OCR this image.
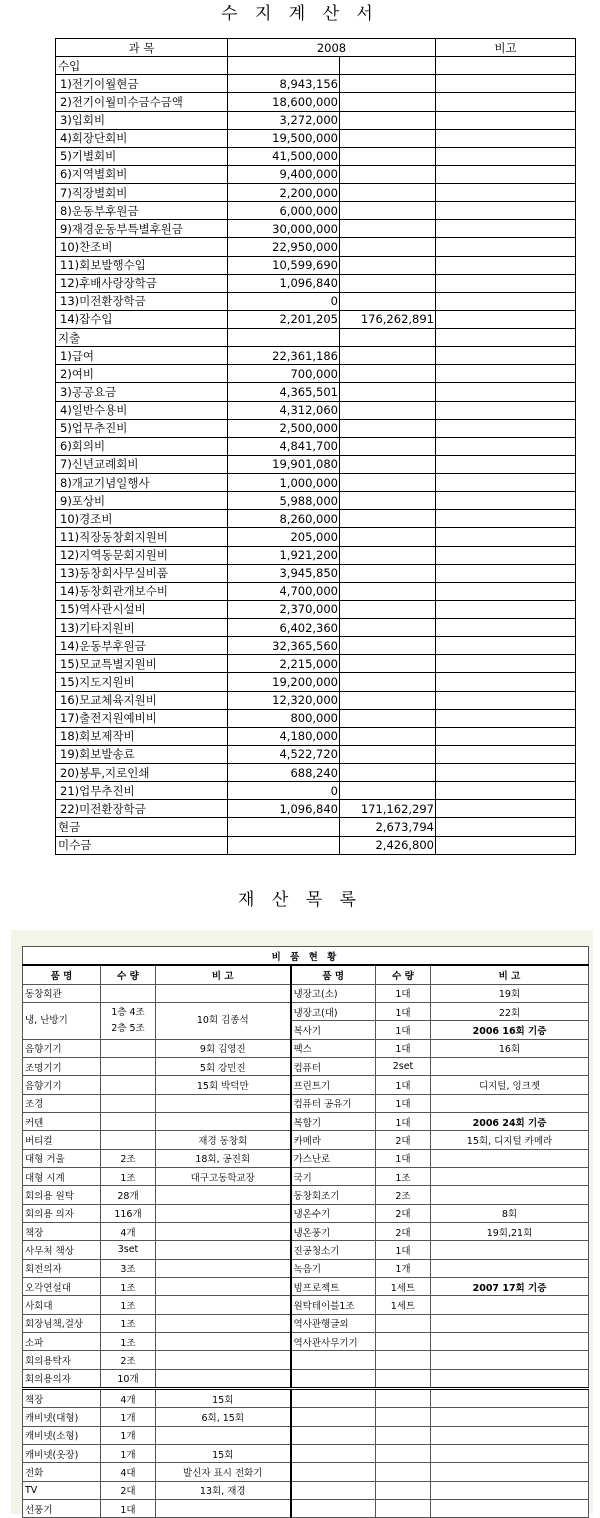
수 지 계 산 서
과 목	2008		비고
수입			
1)전기이월현금	8,943,156		
2)전기이월미수금수금액	18,600,000		
3)입회비	3,272,000		
4)회장단회비	19,500,000		
5)기별회비	41,500,000		
6)지역별회비	9,400,000		
7)직장별회비	2,200,000		
8)운동부후원금	6,000,000		
9)재경운동부특별후원금	30,000,000		
10)찬조비	22,950,000		
11)회보발행수입	10,599,690		
12)후배사랑장학금	1,096,840		
13)미전환장학금	0		
14)잡수입	2,201,205	176,262,891	
지출			
1)급여	22,361,186		
2)여비	700,000		
3)공공요금	4,365,501		
4)일반수용비	4,312,060		
5)업무추진비	2,500,000		
6)회의비	4,841,700		
7)신년교례회비	19,901,080		
8)개교기념일행사	1,000,000		
9)포상비	5,988,000		
10)경조비	8,260,000		
11)직장동창회지원비	205,000		
12)지역동문회지원비	1,921,200		
13)동창회사무실비품	3,945,850		
14)동창회관개보수비	4,700,000		
15)역사관시설비	2,370,000		
13)기타지원비	6,402,360		
14)운동부후원금	32,365,560		
15)모교특별지원비	2,215,000		
15)지도지원비	19,200,000		
16)모교체육지원비	12,320,000		
17)출전지원예비비	800,000		
18)회보제작비	4,180,000		
19)회보발송료	4,522,720		
20)봉투,지로인쇄	688,240		
21)업무추진비	0		
22)미전환장학금	1,096,840	171,162,297	
현금		2,673,794	
미수금		2,426,800	
재 산 목 록
비 품 현 황					
품 명	수 량	비 고	품 명	수 량	비 고
동창회관			냉장고(소)	1대	19회
냉, 난방기	1층 4조
2층 5조	10회 김종석	냉장고(대)	1대	22회
			복사기	1대	2006 16회 기증
음향기기		9회 김영진	팩스	1대	16회
조명기기		5회 강민진	컴퓨터	2set	
음향기기		15회 박덕만	프린트기	1대	디지털, 잉크젯
조경			컴퓨터 공유기	1대	
커텐			복합기	1대	2006 24회 기증
버티컬		재경 동창회	카메라	2대	15회, 디지털 카메라
대형 거울	2조	18회, 공진회	가스난로	1대	
대형 시계	1조	대구고동학교장	국기	1조	
회의용 원탁	28개		동창회조기	2조	
회의용 의자	116개		냉온수기	2대	8회
책장	4개		냉온풍기	2대	19회,21회
사무처 책상	3set		진공청소기	1대	
회전의자	3조		녹음기	1개	
오각연설대	1조		빔프로젝트	1세트	2007 17회 기증
사회대	1조		원탁테이블1조	1세트	
회장님책,걸상	1조		역사관행글외		
소파	1조		역사관사무기기		
회의용탁자	2조				
회의용의자	10개				
책장	4개	15회			
캐비넷(대형)	1개	6회, 15회			
캐비넷(소형)	1개				
캐비넷(옷장)	1개	15회			
전화	4대	발신자 표시 전화기			
TV	2대	13회, 재경			
선풍기	1대				
